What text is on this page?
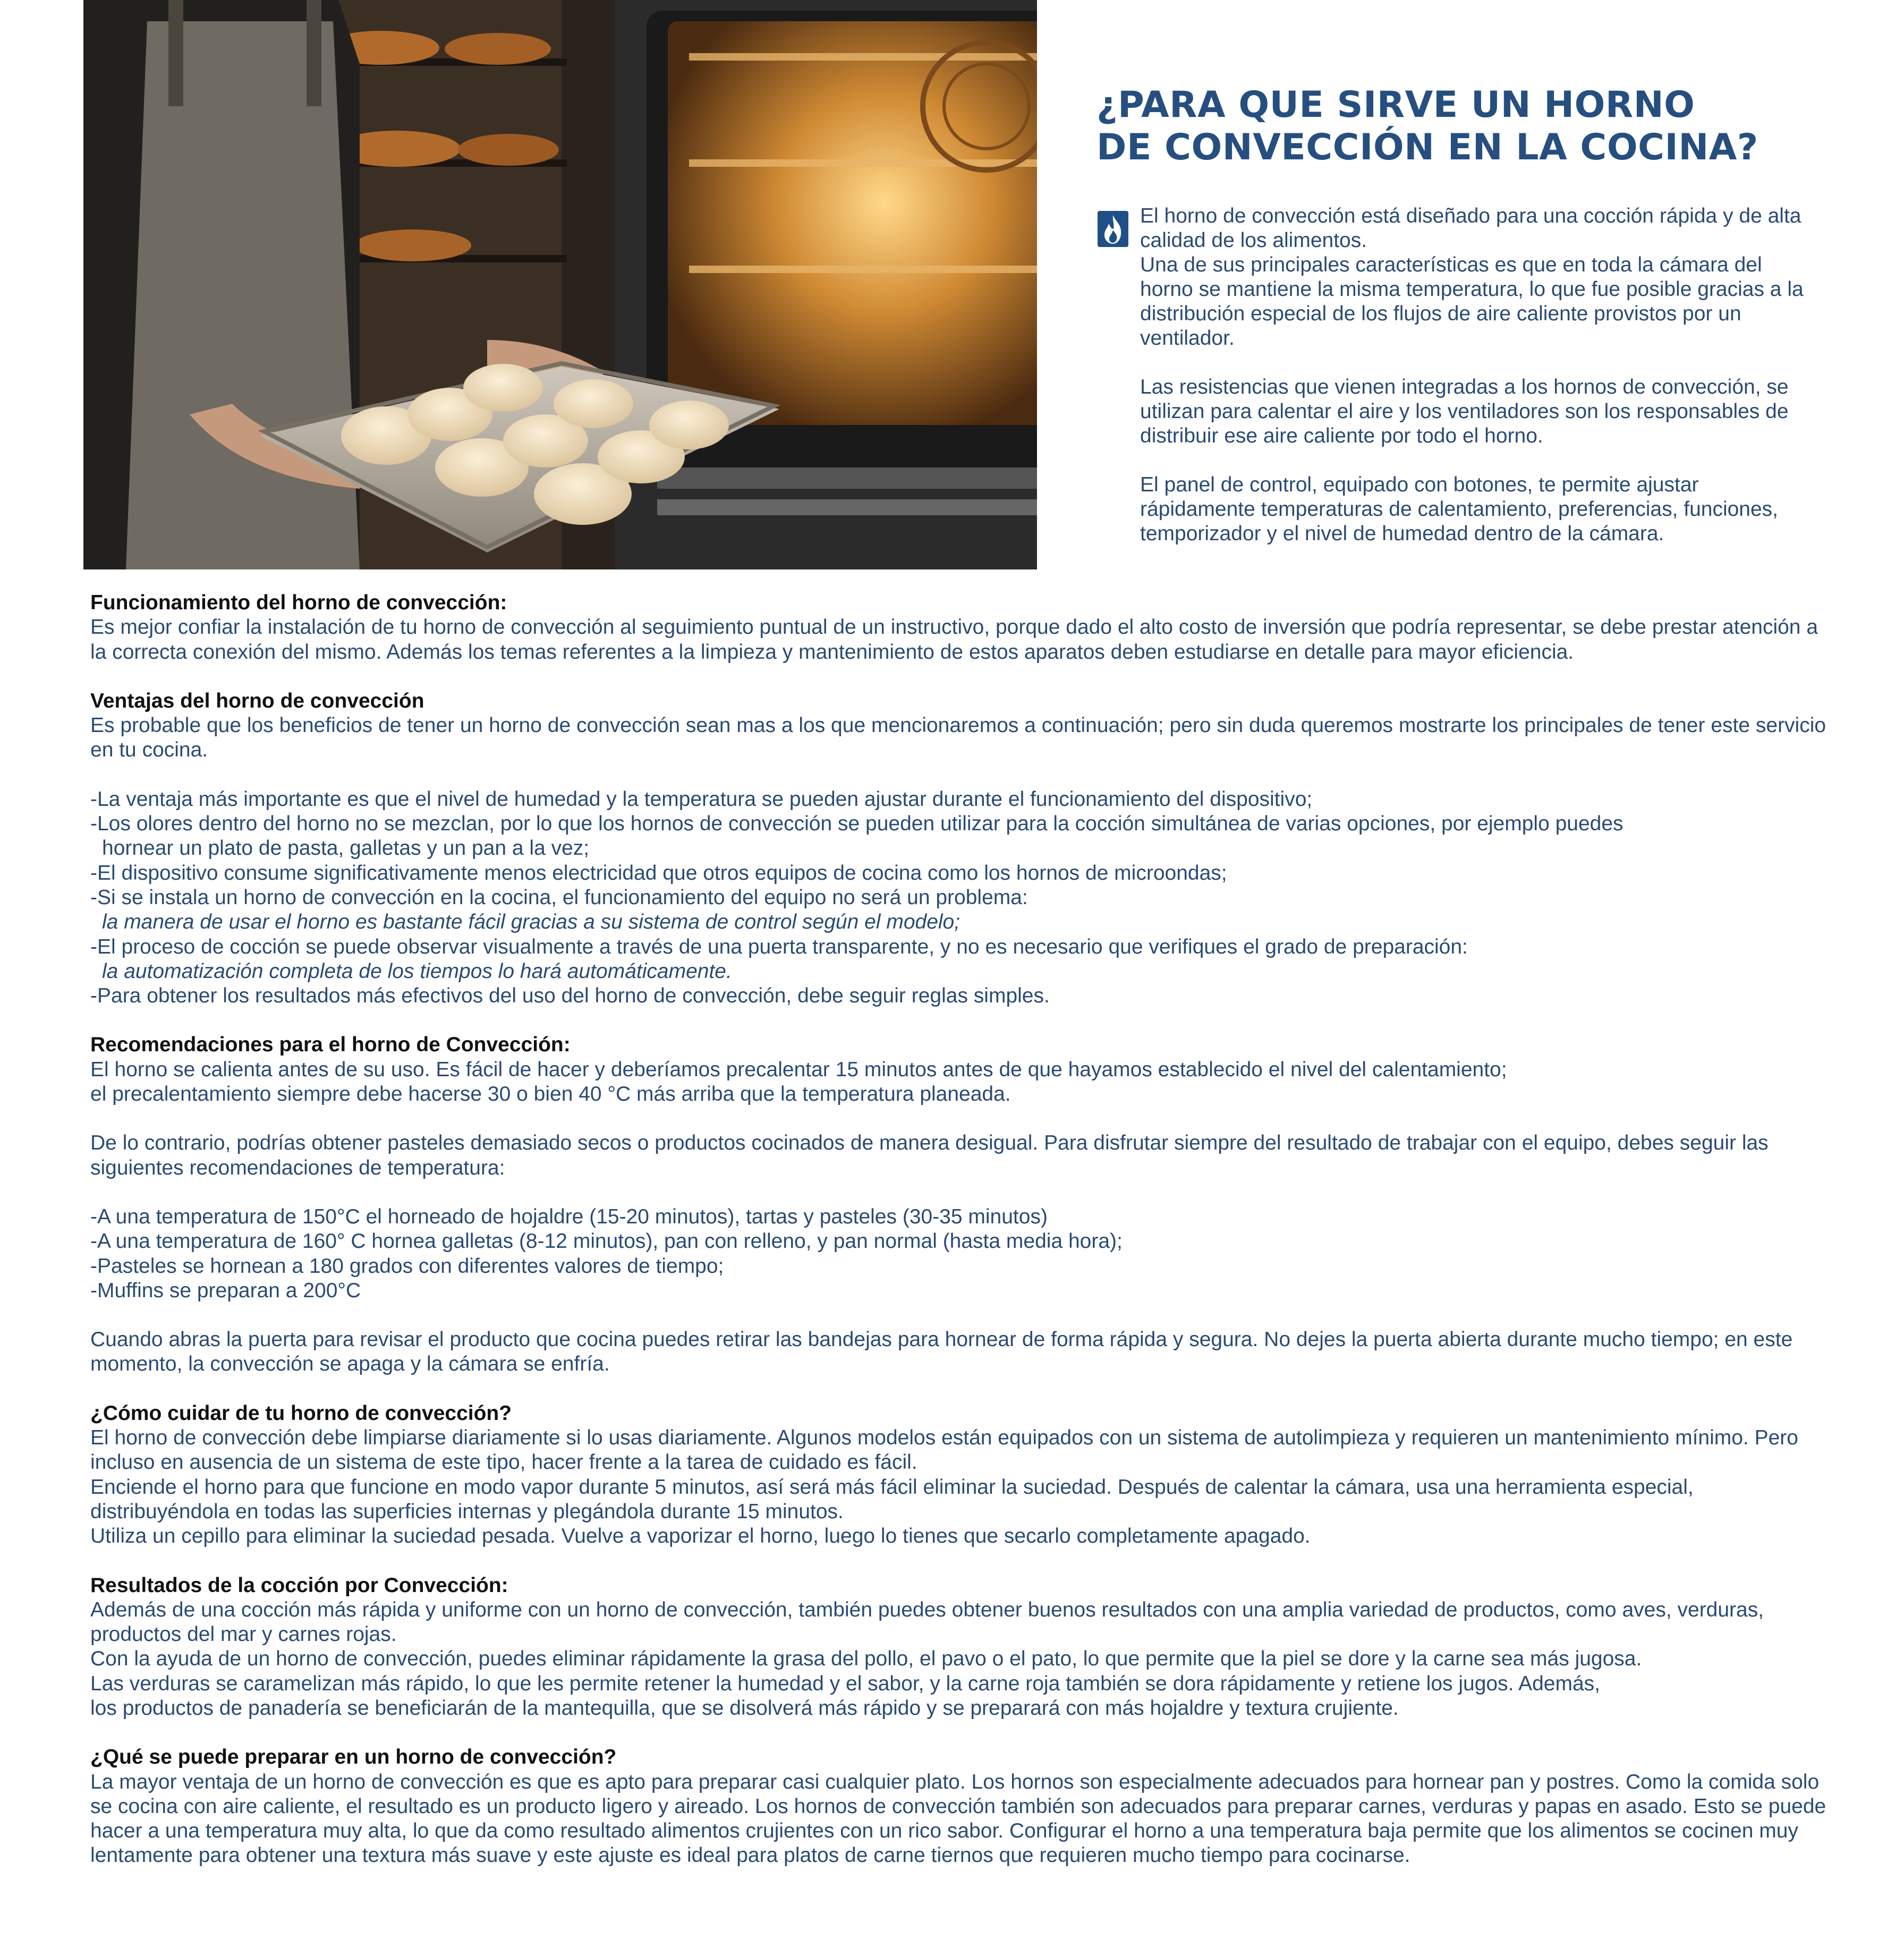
¿PARA QUE SIRVE UN HORNO
DE CONVECCIÓN EN LA COCINA?

El horno de convección está diseñado para una cocción rápida y de alta calidad de los alimentos.
Una de sus principales características es que en toda la cámara del horno se mantiene la misma temperatura, lo que fue posible gracias a la distribución especial de los flujos de aire caliente provistos por un ventilador.

Las resistencias que vienen integradas a los hornos de convección, se utilizan para calentar el aire y los ventiladores son los responsables de distribuir ese aire caliente por todo el horno.

El panel de control, equipado con botones, te permite ajustar rápidamente temperaturas de calentamiento, preferencias, funciones, temporizador y el nivel de humedad dentro de la cámara.

Funcionamiento del horno de convección:

Es mejor confiar la instalación de tu horno de convección al seguimiento puntual de un instructivo, porque dado el alto costo de inversión que podría representar, se debe prestar atención a la correcta conexión del mismo. Además los temas referentes a la limpieza y mantenimiento de estos aparatos deben estudiarse en detalle para mayor eficiencia.

Ventajas del horno de convección

Es probable que los beneficios de tener un horno de convección sean mas a los que mencionaremos a continuación; pero sin duda queremos mostrarte los principales de tener este servicio en tu cocina.

-La ventaja más importante es que el nivel de humedad y la temperatura se pueden ajustar durante el funcionamiento del dispositivo;

-Los olores dentro del horno no se mezclan, por lo que los hornos de convección se pueden utilizar para la cocción simultánea de varias opciones, por ejemplo puedes

hornear un plato de pasta, galletas y un pan a la vez;

-El dispositivo consume significativamente menos electricidad que otros equipos de cocina como los hornos de microondas;

-Si se instala un horno de convección en la cocina, el funcionamiento del equipo no será un problema:

la manera de usar el horno es bastante fácil gracias a su sistema de control según el modelo;

-El proceso de cocción se puede observar visualmente a través de una puerta transparente, y no es necesario que verifiques el grado de preparación:

la automatización completa de los tiempos lo hará automáticamente.

-Para obtener los resultados más efectivos del uso del horno de convección, debe seguir reglas simples.

Recomendaciones para el horno de Convección:

El horno se calienta antes de su uso. Es fácil de hacer y deberíamos precalentar 15 minutos antes de que hayamos establecido el nivel del calentamiento;

el precalentamiento siempre debe hacerse 30 o bien 40 °C más arriba que la temperatura planeada.

De lo contrario, podrías obtener pasteles demasiado secos o productos cocinados de manera desigual. Para disfrutar siempre del resultado de trabajar con el equipo, debes seguir las siguientes recomendaciones de temperatura:

-A una temperatura de 150°C el horneado de hojaldre (15-20 minutos), tartas y pasteles (30-35 minutos)

-A una temperatura de 160° C hornea galletas (8-12 minutos), pan con relleno, y pan normal (hasta media hora);

-Pasteles se hornean a 180 grados con diferentes valores de tiempo;

-Muffins se preparan a 200°C

Cuando abras la puerta para revisar el producto que cocina puedes retirar las bandejas para hornear de forma rápida y segura. No dejes la puerta abierta durante mucho tiempo; en este momento, la convección se apaga y la cámara se enfría.

¿Cómo cuidar de tu horno de convección?

El horno de convección debe limpiarse diariamente si lo usas diariamente. Algunos modelos están equipados con un sistema de autolimpieza y requieren un mantenimiento mínimo. Pero incluso en ausencia de un sistema de este tipo, hacer frente a la tarea de cuidado es fácil.

Enciende el horno para que funcione en modo vapor durante 5 minutos, así será más fácil eliminar la suciedad. Después de calentar la cámara, usa una herramienta especial, distribuyéndola en todas las superficies internas y plegándola durante 15 minutos.

Utiliza un cepillo para eliminar la suciedad pesada. Vuelve a vaporizar el horno, luego lo tienes que secarlo completamente apagado.

Resultados de la cocción por Convección:

Además de una cocción más rápida y uniforme con un horno de convección, también puedes obtener buenos resultados con una amplia variedad de productos, como aves, verduras, productos del mar y carnes rojas.

Con la ayuda de un horno de convección, puedes eliminar rápidamente la grasa del pollo, el pavo o el pato, lo que permite que la piel se dore y la carne sea más jugosa.

Las verduras se caramelizan más rápido, lo que les permite retener la humedad y el sabor, y la carne roja también se dora rápidamente y retiene los jugos. Además,

los productos de panadería se beneficiarán de la mantequilla, que se disolverá más rápido y se preparará con más hojaldre y textura crujiente.

¿Qué se puede preparar en un horno de convección?

La mayor ventaja de un horno de convección es que es apto para preparar casi cualquier plato. Los hornos son especialmente adecuados para hornear pan y postres. Como la comida solo se cocina con aire caliente, el resultado es un producto ligero y aireado. Los hornos de convección también son adecuados para preparar carnes, verduras y papas en asado. Esto se puede hacer a una temperatura muy alta, lo que da como resultado alimentos crujientes con un rico sabor. Configurar el horno a una temperatura baja permite que los alimentos se cocinen muy lentamente para obtener una textura más suave y este ajuste es ideal para platos de carne tiernos que requieren mucho tiempo para cocinarse.
